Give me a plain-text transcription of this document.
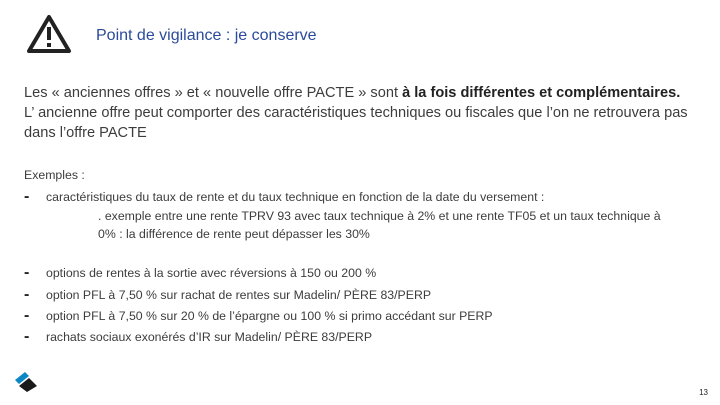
Point de vigilance : je conserve
Les « anciennes offres » et « nouvelle offre PACTE » sont à la fois différentes et complémentaires. L’ ancienne offre peut comporter des caractéristiques techniques ou fiscales que l’on ne retrouvera pas dans l’offre PACTE
Exemples :
- caractéristiques du taux de rente et du taux technique en fonction de la date du versement :
. exemple entre une rente TPRV 93 avec taux technique à 2% et une rente TF05 et un taux technique à 0% : la différence de rente peut dépasser les 30%
- options de rentes à la sortie avec réversions à 150 ou 200 %
- option PFL à 7,50 % sur rachat de rentes sur Madelin/ PÈRE 83/PERP
- option PFL à 7,50 % sur 20 % de l’épargne ou 100 % si primo accédant sur PERP
- rachats sociaux exonérés d’IR sur Madelin/ PÈRE 83/PERP
13
